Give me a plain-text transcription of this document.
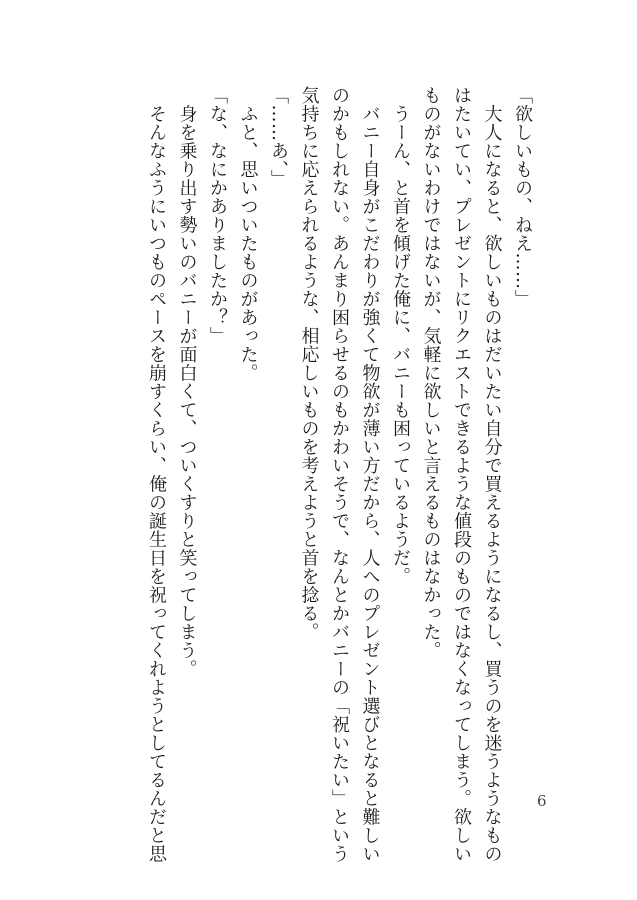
「欲しいもの、ねえ……」
　大人になると、欲しいものはだいたい自分で買えるようになるし、買うのを迷うようなもの
はたいてい、プレゼントにリクエストできるような値段のものではなくなってしまう。欲しい
ものがないわけではないが、気軽に欲しいと言えるものはなかった。
　うーん、と首を傾げた俺に、バニーも困っているようだ。
　バニー自身がこだわりが強くて物欲が薄い方だから、人へのプレゼント選びとなると難しい
のかもしれない。あんまり困らせるのもかわいそうで、なんとかバニーの「祝いたい」という
気持ちに応えられるような、相応しいものを考えようと首を捻る。
「……あ、」
　ふと、思いついたものがあった。
「な、なにかありましたか？」
　身を乗り出す勢いのバニーが面白くて、ついくすりと笑ってしまう。
　そんなふうにいつものペースを崩すくらい、俺の誕生日を祝ってくれようとしてるんだと思	6
